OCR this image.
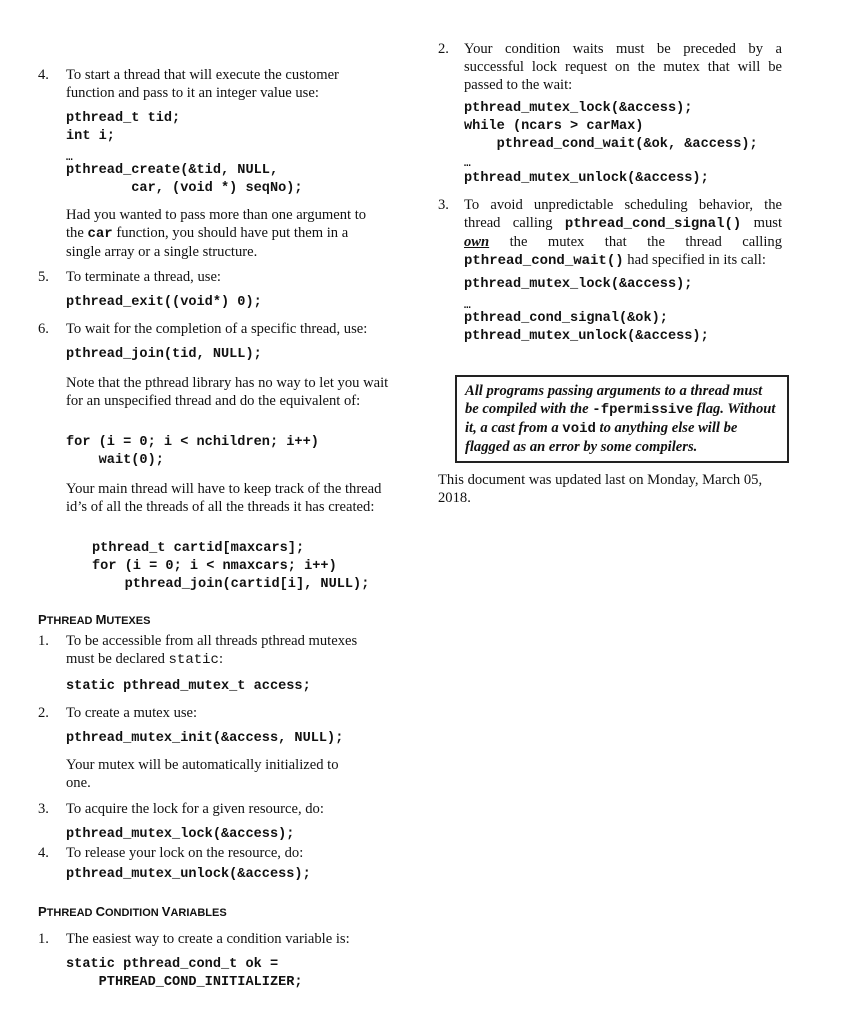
4. To start a thread that will execute the customer function and pass to it an integer value use:

pthread_t tid;
int i;
…
pthread_create(&tid, NULL,
car, (void *) seqNo);

Had you wanted to pass more than one argument to the car function, you should have put them in a single array or a single structure.

5. To terminate a thread, use:

pthread_exit((void*) 0);
6. To wait for the completion of a specific thread, use:

pthread_join(tid, NULL);

Note that the pthread library has no way to let you wait for an unspecified thread and do the equivalent of:

for (i = 0; i < nchildren; i++)
wait(0);

Your main thread will have to keep track of the thread id’s of all the threads of all the threads it has created:

pthread_t cartid[maxcars];
for (i = 0; i < nmaxcars; i++)
pthread_join(cartid[i], NULL);
PTHREAD MUTEXES
1. To be accessible from all threads pthread mutexes must be declared static:

static pthread_mutex_t access;
2. To create a mutex use:

pthread_mutex_init(&access, NULL);

Your mutex will be automatically initialized to one.

3. To acquire the lock for a given resource, do:

pthread_mutex_lock(&access);
4. To release your lock on the resource, do:

pthread_mutex_unlock(&access);
PTHREAD CONDITION VARIABLES
1. The easiest way to create a condition variable is:

static pthread_cond_t ok =
PTHREAD_COND_INITIALIZER;
2. Your condition waits must be preceded by a successful lock request on the mutex that will be passed to the wait:

pthread_mutex_lock(&access);
while (ncars > carMax)
pthread_cond_wait(&ok, &access);
…
pthread_mutex_unlock(&access);
3. To avoid unpredictable scheduling behavior, the thread calling pthread_cond_signal() must own the mutex that the thread calling pthread_cond_wait() had specified in its call:

pthread_mutex_lock(&access);
…
pthread_cond_signal(&ok);
pthread_mutex_unlock(&access);
All programs passing arguments to a thread must be compiled with the -fpermissive flag. Without it, a cast from a void to anything else will be flagged as an error by some compilers.

This document was updated last on Monday, March 05, 2018.
